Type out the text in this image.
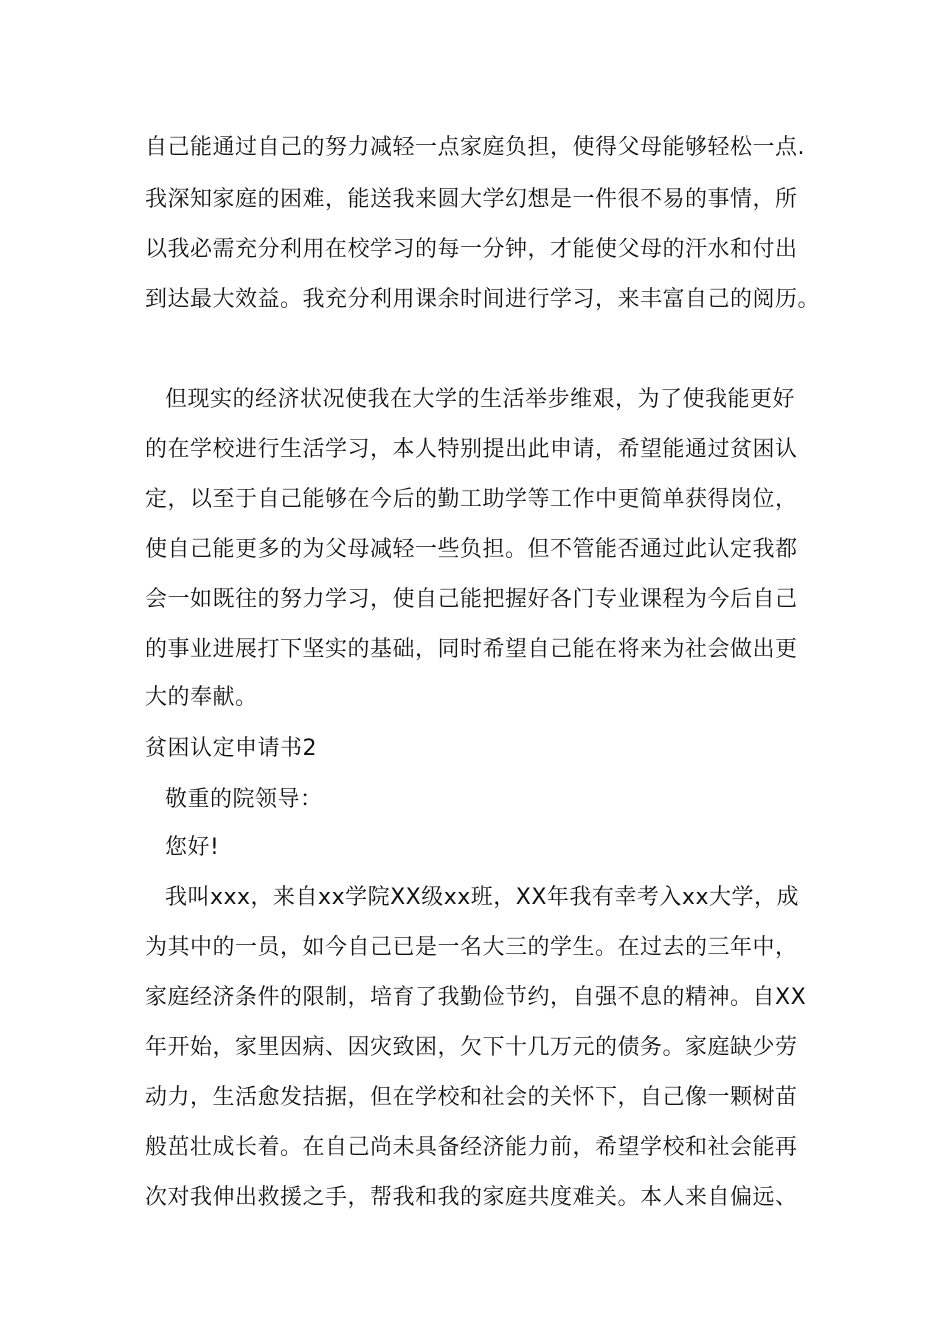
自己能通过自己的努力减轻一点家庭负担，使得父母能够轻松一点.
我深知家庭的困难，能送我来圆大学幻想是一件很不易的事情，所
以我必需充分利用在校学习的每一分钟，才能使父母的汗水和付出
到达最大效益。我充分利用课余时间进行学习，来丰富自己的阅历。
但现实的经济状况使我在大学的生活举步维艰，为了使我能更好
的在学校进行生活学习，本人特别提出此申请，希望能通过贫困认
定，以至于自己能够在今后的勤工助学等工作中更简单获得岗位，
使自己能更多的为父母减轻一些负担。但不管能否通过此认定我都
会一如既往的努力学习，使自己能把握好各门专业课程为今后自己
的事业进展打下坚实的基础，同时希望自己能在将来为社会做出更
大的奉献。
贫困认定申请书2
敬重的院领导：
您好!
我叫xxx，来自xx学院XX级xx班，XX年我有幸考入xx大学，成
为其中的一员，如今自己已是一名大三的学生。在过去的三年中，
家庭经济条件的限制，培育了我勤俭节约，自强不息的精神。自XX
年开始，家里因病、因灾致困，欠下十几万元的债务。家庭缺少劳
动力，生活愈发拮据，但在学校和社会的关怀下，自己像一颗树苗
般茁壮成长着。在自己尚未具备经济能力前，希望学校和社会能再
次对我伸出救援之手，帮我和我的家庭共度难关。本人来自偏远、
